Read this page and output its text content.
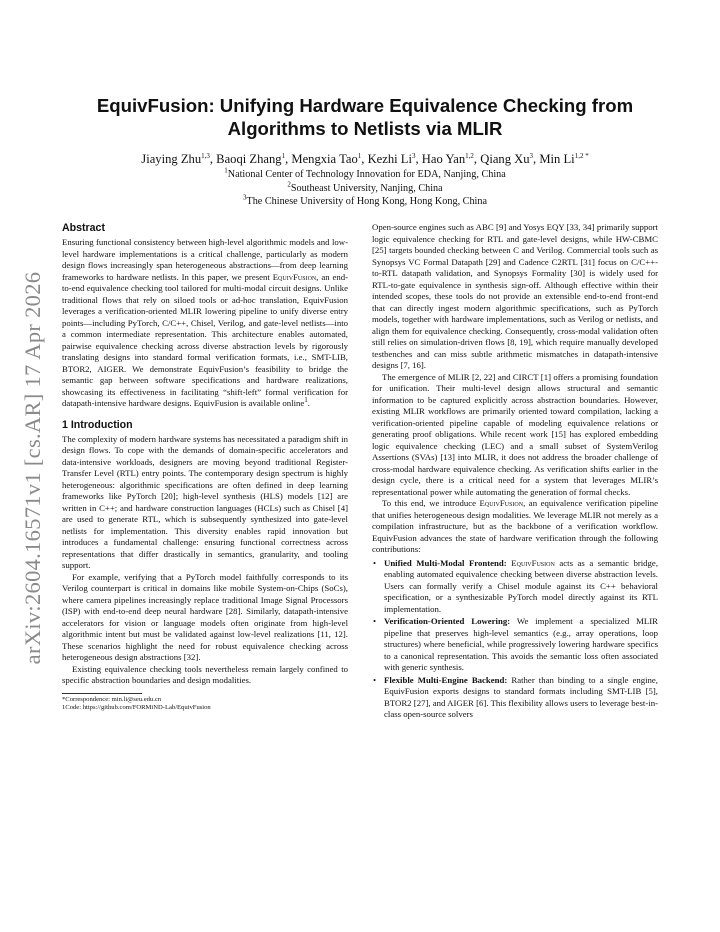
arXiv:2604.16571v1 [cs.AR] 17 Apr 2026
EquivFusion: Unifying Hardware Equivalence Checking from
Algorithms to Netlists via MLIR
Jiaying Zhu$^{1,3}$, Baoqi Zhang$^1$, Mengxia Tao$^1$, Kezhi Li$^3$, Hao Yan$^{1,2}$, Qiang Xu$^3$, Min $Li^{1,2 *}$
$^1$National Center of Technology Innovation for EDA, Nanjing, China
$^2$Southeast University, Nanjing, China
$^3$The Chinese University of Hong Kong, Hong Kong, China
Abstract

Ensuring functional consistency between high-level algorithmic models and low-level hardware implementations is a critical challenge, particularly as modern design flows increasingly span heterogeneous abstractions—from deep learning frameworks to hardware netlists. In this paper, we present EquivFusion, an end-to-end equivalence checking tool tailored for multi-modal circuit designs. Unlike traditional flows that rely on siloed tools or ad-hoc translation, EquivFusion leverages a verification-oriented MLIR lowering pipeline to unify diverse entry points—including PyTorch, C/C++, Chisel, Verilog, and gate-level netlists—into a common intermediate representation. This architecture enables automated, pairwise equivalence checking across diverse abstraction levels by rigorously translating designs into standard formal verification formats, i.e., SMT-LIB, BTOR2, AIGER. We demonstrate EquivFusion’s feasibility to bridge the semantic gap between software specifications and hardware realizations, showcasing its effectiveness in facilitating “shift-left” formal verification for datapath-intensive hardware designs. EquivFusion is available online$^1$.

1 Introduction

The complexity of modern hardware systems has necessitated a paradigm shift in design flows. To cope with the demands of domain-specific accelerators and data-intensive workloads, designers are moving beyond traditional Register-Transfer Level (RTL) entry points. The contemporary design spectrum is highly heterogeneous: algorithmic specifications are often defined in deep learning frameworks like PyTorch [20]; high-level synthesis (HLS) models [12] are written in C++; and hardware construction languages (HCLs) such as Chisel [4] are used to generate RTL, which is subsequently synthesized into gate-level netlists for implementation. This diversity enables rapid innovation but introduces a fundamental challenge: ensuring functional correctness across representations that differ drastically in semantics, granularity, and tooling support.

For example, verifying that a PyTorch model faithfully corresponds to its Verilog counterpart is critical in domains like mobile System-on-Chips (SoCs), where camera pipelines increasingly replace traditional Image Signal Processors (ISP) with end-to-end deep neural hardware [28]. Similarly, datapath-intensive accelerators for vision or language models often originate from high-level algorithmic intent but must be validated against low-level realizations [11, 12]. These scenarios highlight the need for robust equivalence checking across heterogeneous design abstractions [32].

Existing equivalence checking tools nevertheless remain largely confined to specific abstraction boundaries and design modalities.

*Correspondence: min.li@seu.edu.cn
1Code: https://github.com/FORMiND-Lab/EquivFusion

Open-source engines such as ABC [9] and Yosys EQY [33, 34] primarily support logic equivalence checking for RTL and gate-level designs, while HW-CBMC [25] targets bounded checking between C and Verilog. Commercial tools such as Synopsys VC Formal Datapath [29] and Cadence C2RTL [31] focus on C/C++-to-RTL datapath validation, and Synopsys Formality [30] is widely used for RTL-to-gate equivalence in synthesis sign-off. Although effective within their intended scopes, these tools do not provide an extensible end-to-end front-end that can directly ingest modern algorithmic specifications, such as PyTorch models, together with hardware implementations, such as Verilog or netlists, and align them for equivalence checking. Consequently, cross-modal validation often still relies on simulation-driven flows [8, 19], which require manually developed testbenches and can miss subtle arithmetic mismatches in datapath-intensive designs [7, 16].

The emergence of MLIR [2, 22] and CIRCT [1] offers a promising foundation for unification. Their multi-level design allows structural and semantic information to be captured explicitly across abstraction boundaries. However, existing MLIR workflows are primarily oriented toward compilation, lacking a verification-oriented pipeline capable of modeling equivalence relations or generating proof obligations. While recent work [15] has explored embedding logic equivalence checking (LEC) and a small subset of SystemVerilog Assertions (SVAs) [13] into MLIR, it does not address the broader challenge of cross-modal hardware equivalence checking. As verification shifts earlier in the design cycle, there is a critical need for a system that leverages MLIR’s representational power while automating the generation of formal checks.

To this end, we introduce EquivFusion, an equivalence verification pipeline that unifies heterogeneous design modalities. We leverage MLIR not merely as a compilation infrastructure, but as the backbone of a verification workflow. EquivFusion advances the state of hardware verification through the following contributions:

• Unified Multi-Modal Frontend: EquivFusion acts as a semantic bridge, enabling automated equivalence checking between diverse abstraction levels. Users can formally verify a Chisel module against its C++ behavioral specification, or a synthesizable PyTorch model directly against its RTL implementation.
• Verification-Oriented Lowering: We implement a specialized MLIR pipeline that preserves high-level semantics (e.g., array operations, loop structures) where beneficial, while progressively lowering hardware specifics to a canonical representation. This avoids the semantic loss often associated with generic synthesis.
• Flexible Multi-Engine Backend: Rather than binding to a single engine, EquivFusion exports designs to standard formats including SMT-LIB [5], BTOR2 [27], and AIGER [6]. This flexibility allows users to leverage best-in-class open-source solvers
